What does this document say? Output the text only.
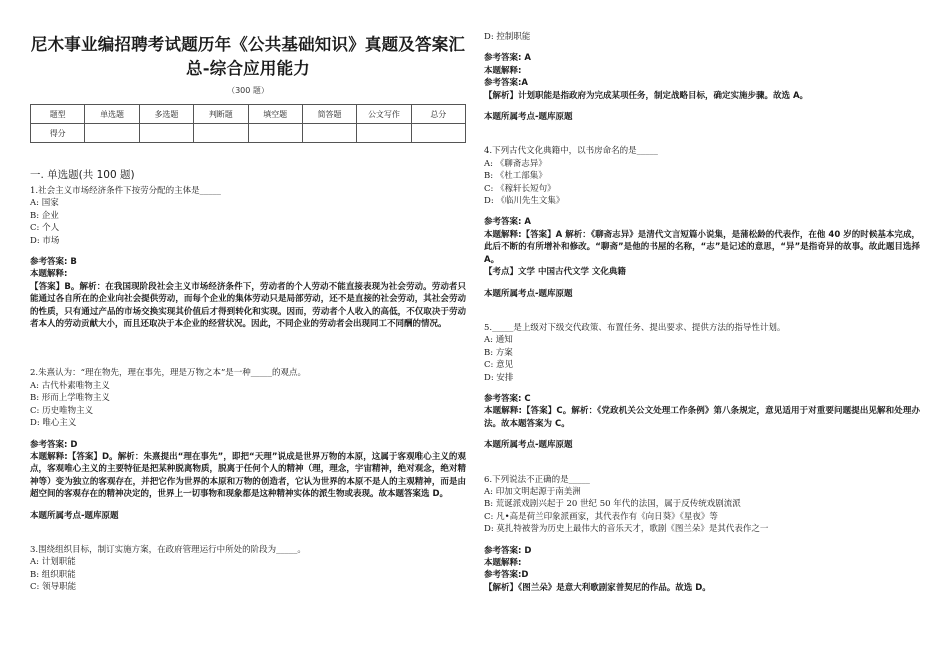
尼木事业编招聘考试题历年《公共基础知识》真题及答案汇总-综合应用能力
（300 题）
题型	单选题	多选题	判断题	填空题	简答题	公文写作	总分
得分							
一. 单选题(共 100 题)
1.社会主义市场经济条件下按劳分配的主体是_____
A: 国家
B: 企业
C: 个人
D: 市场
参考答案: B
本题解释:
【答案】B。解析：在我国现阶段社会主义市场经济条件下，劳动者的个人劳动不能直接表现为社会劳动。劳动者只能通过各自所在的企业向社会提供劳动，而每个企业的集体劳动只是局部劳动，还不是直接的社会劳动，其社会劳动的性质，只有通过产品的市场交换实现其价值后才得到转化和实现。因而，劳动者个人收入的高低，不仅取决于劳动者本人的劳动贡献大小，而且还取决于本企业的经营状况。因此，不同企业的劳动者会出现同工不同酬的情况。
2.朱熹认为：“理在物先，理在事先，理是万物之本”是一种_____的观点。
A: 古代朴素唯物主义
B: 形而上学唯物主义
C: 历史唯物主义
D: 唯心主义
参考答案: D
本题解释:【答案】D。解析：朱熹提出“理在事先”，即把“天理”说成是世界万物的本原，这属于客观唯心主义的观点，客观唯心主义的主要特征是把某种脱离物质，脱离于任何个人的精神（理，理念，宇宙精神，绝对观念，绝对精神等）变为独立的客观存在，并把它作为世界的本原和万物的创造者，它认为世界的本原不是人的主观精神，而是由超空间的客观存在的精神决定的，世界上一切事物和现象都是这种精神实体的派生物或表现。故本题答案选 D。
本题所属考点-题库原题
3.围绕组织目标，制订实施方案，在政府管理运行中所处的阶段为_____。
A: 计划职能
B: 组织职能
C: 领导职能
D: 控制职能
参考答案: A
本题解释:
参考答案:A
【解析】计划职能是指政府为完成某项任务，制定战略目标，确定实施步骤。故选 A。
本题所属考点-题库原题
4.下列古代文化典籍中，以书房命名的是_____
A: 《聊斋志异》
B: 《杜工部集》
C: 《稼轩长短句》
D: 《临川先生文集》
参考答案: A
本题解释:【答案】A 解析：《聊斋志异》是清代文言短篇小说集，是蒲松龄的代表作，在他 40 岁的时候基本完成，此后不断的有所增补和修改。“聊斋”是他的书屋的名称，“志”是记述的意思，“异”是指奇异的故事。故此题目选择 A。
【考点】文学 中国古代文学 文化典籍
本题所属考点-题库原题
5._____是上级对下级交代政策、布置任务、提出要求、提供方法的指导性计划。
A: 通知
B: 方案
C: 意见
D: 安排
参考答案: C
本题解释:【答案】C。解析：《党政机关公文处理工作条例》第八条规定，意见适用于对重要问题提出见解和处理办 法。故本题答案为 C。
本题所属考点-题库原题
6.下列说法不正确的是_____
A: 印加文明起源于南美洲
B: 荒诞派戏剧兴起于 20 世纪 50 年代的法国，属于反传统戏剧流派
C: 凡•高是荷兰印象派画家，其代表作有《向日葵》《星夜》等
D: 莫扎特被誉为历史上最伟大的音乐天才，歌剧《图兰朵》是其代表作之一
参考答案: D
本题解释:
参考答案:D
【解析】《图兰朵》是意大利歌剧家普契尼的作品。故选 D。
